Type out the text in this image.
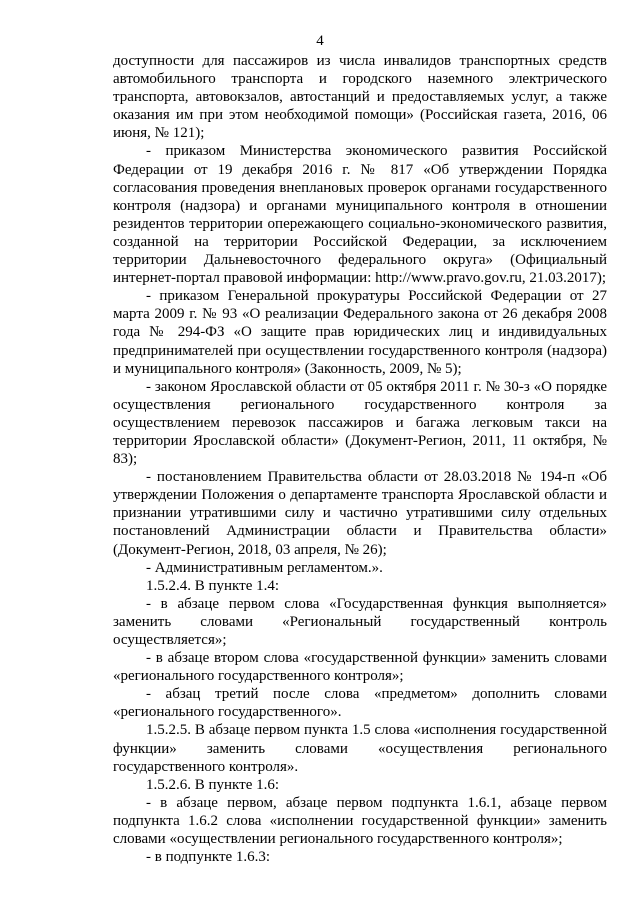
4

доступности для пассажиров из числа инвалидов транспортных средств автомобильного транспорта и городского наземного электрического транспорта, автовокзалов, автостанций и предоставляемых услуг, а также оказания им при этом необходимой помощи» (Российская газета, 2016, 06 июня, № 121);

- приказом Министерства экономического развития Российской Федерации от 19 декабря 2016 г. № 817 «Об утверждении Порядка согласования проведения внеплановых проверок органами государственного контроля (надзора) и органами муниципального контроля в отношении резидентов территории опережающего социально-экономического развития, созданной на территории Российской Федерации, за исключением территории Дальневосточного федерального округа» (Официальный интернет-портал правовой информации: http://www.pravo.gov.ru, 21.03.2017);

- приказом Генеральной прокуратуры Российской Федерации от 27 марта 2009 г. № 93 «О реализации Федерального закона от 26 декабря 2008 года № 294-ФЗ «О защите прав юридических лиц и индивидуальных предпринимателей при осуществлении государственного контроля (надзора) и муниципального контроля» (Законность, 2009, № 5);

- законом Ярославской области от 05 октября 2011 г. № 30-з «О порядке осуществления регионального государственного контроля за осуществлением перевозок пассажиров и багажа легковым такси на территории Ярославской области» (Документ-Регион, 2011, 11 октября, № 83);

- постановлением Правительства области от 28.03.2018 № 194-п «Об утверждении Положения о департаменте транспорта Ярославской области и признании утратившими силу и частично утратившими силу отдельных постановлений Администрации области и Правительства области» (Документ-Регион, 2018, 03 апреля, № 26);

- Административным регламентом.».

1.5.2.4. В пункте 1.4:

- в абзаце первом слова «Государственная функция выполняется» заменить словами «Региональный государственный контроль осуществляется»;

- в абзаце втором слова «государственной функции» заменить словами «регионального государственного контроля»;

- абзац третий после слова «предметом» дополнить словами «регионального государственного».

1.5.2.5. В абзаце первом пункта 1.5 слова «исполнения государственной функции» заменить словами «осуществления регионального государственного контроля».

1.5.2.6. В пункте 1.6:

- в абзаце первом, абзаце первом подпункта 1.6.1, абзаце первом подпункта 1.6.2 слова «исполнении государственной функции» заменить словами «осуществлении регионального государственного контроля»;

- в подпункте 1.6.3:
